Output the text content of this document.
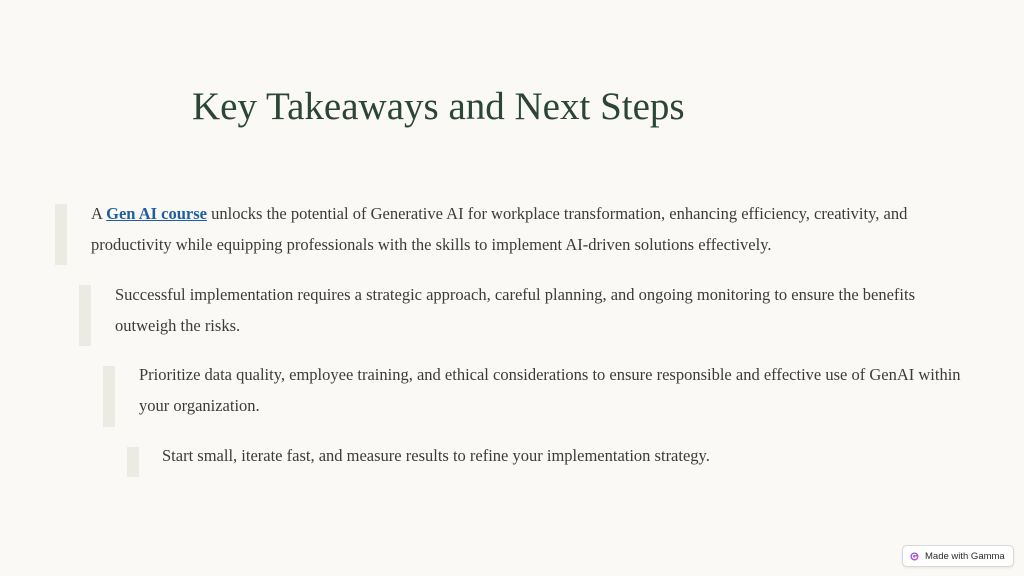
Key Takeaways and Next Steps
A Gen AI course unlocks the potential of Generative AI for workplace transformation, enhancing efficiency, creativity, and productivity while equipping professionals with the skills to implement AI-driven solutions effectively.
Successful implementation requires a strategic approach, careful planning, and ongoing monitoring to ensure the benefits outweigh the risks.
Prioritize data quality, employee training, and ethical considerations to ensure responsible and effective use of GenAI within your organization.
Start small, iterate fast, and measure results to refine your implementation strategy.
Made with Gamma
